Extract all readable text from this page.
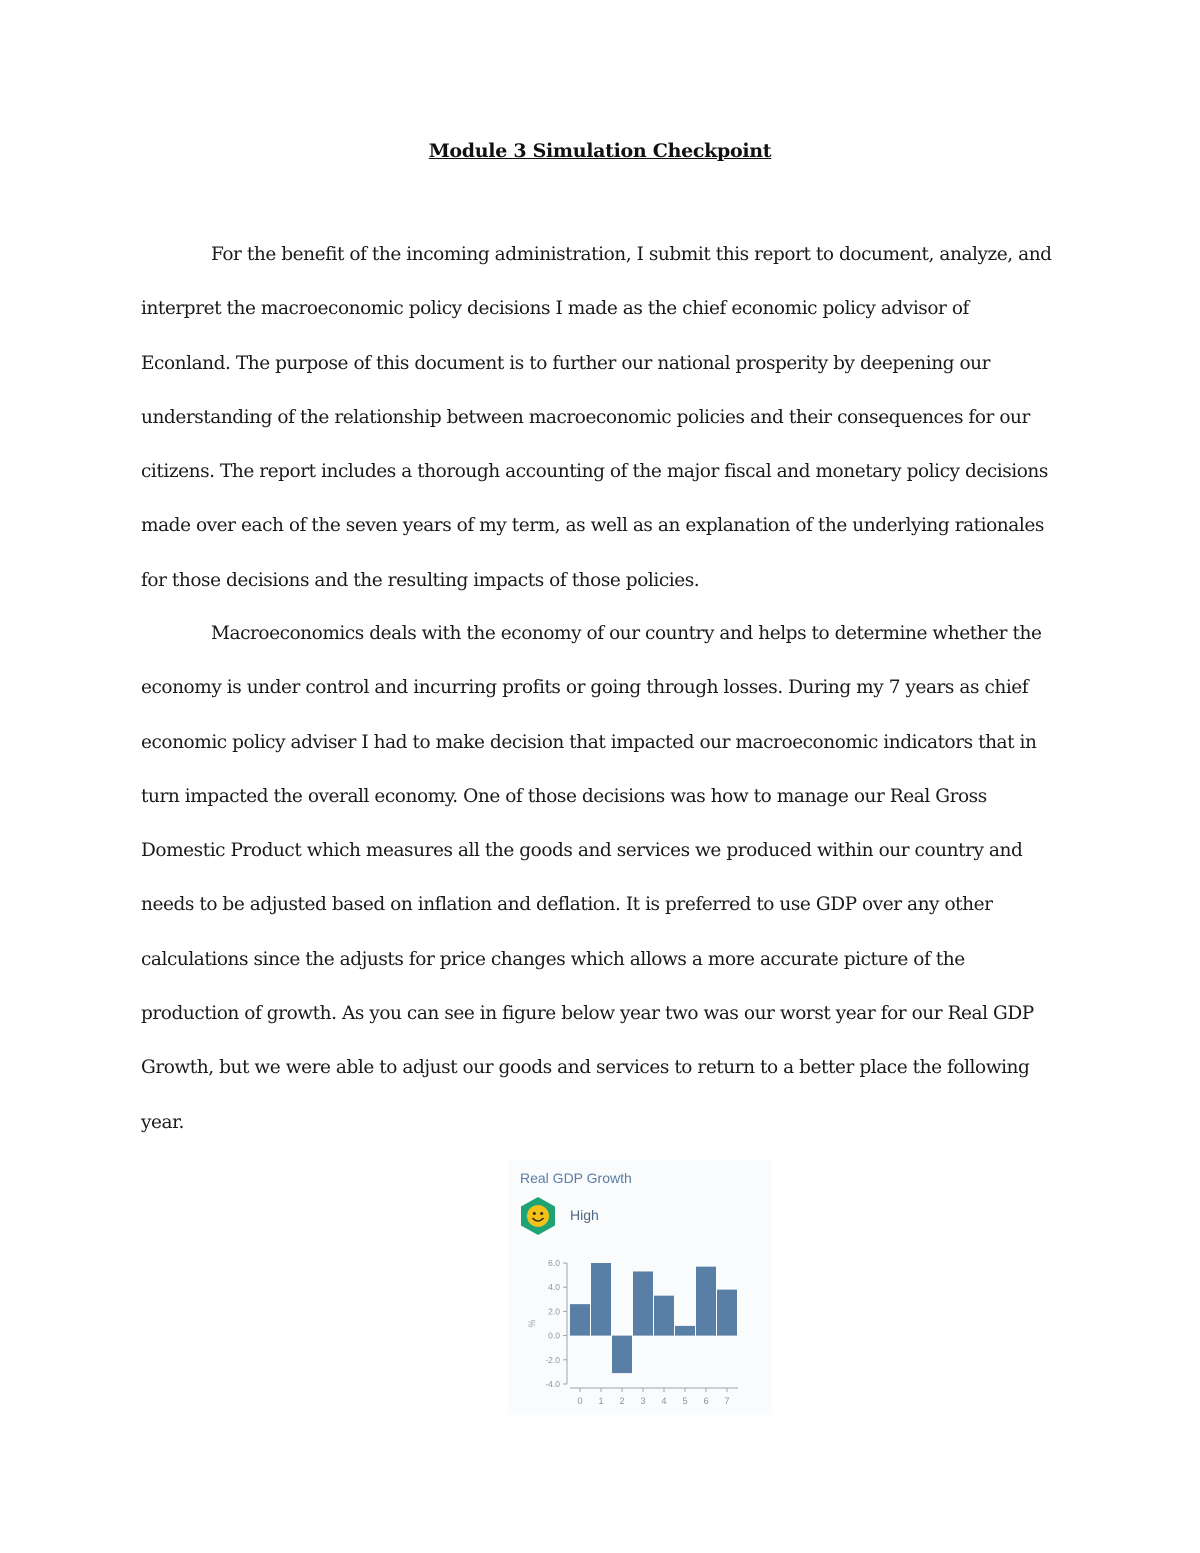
Module 3 Simulation Checkpoint

For the benefit of the incoming administration, I submit this report to document, analyze, and interpret the macroeconomic policy decisions I made as the chief economic policy advisor of Econland. The purpose of this document is to further our national prosperity by deepening our understanding of the relationship between macroeconomic policies and their consequences for our citizens. The report includes a thorough accounting of the major fiscal and monetary policy decisions made over each of the seven years of my term, as well as an explanation of the underlying rationales for those decisions and the resulting impacts of those policies.

Macroeconomics deals with the economy of our country and helps to determine whether the economy is under control and incurring profits or going through losses. During my 7 years as chief economic policy adviser I had to make decision that impacted our macroeconomic indicators that in turn impacted the overall economy. One of those decisions was how to manage our Real Gross Domestic Product which measures all the goods and services we produced within our country and needs to be adjusted based on inflation and deflation. It is preferred to use GDP over any other calculations since the adjusts for price changes which allows a more accurate picture of the production of growth. As you can see in figure below year two was our worst year for our Real GDP Growth, but we were able to adjust our goods and services to return to a better place the following year.

Real GDP Growth
High
6.0
4.0
2.0
0.0
-2.0
-4.0
%
0 1 2 3 4 5 6 7
